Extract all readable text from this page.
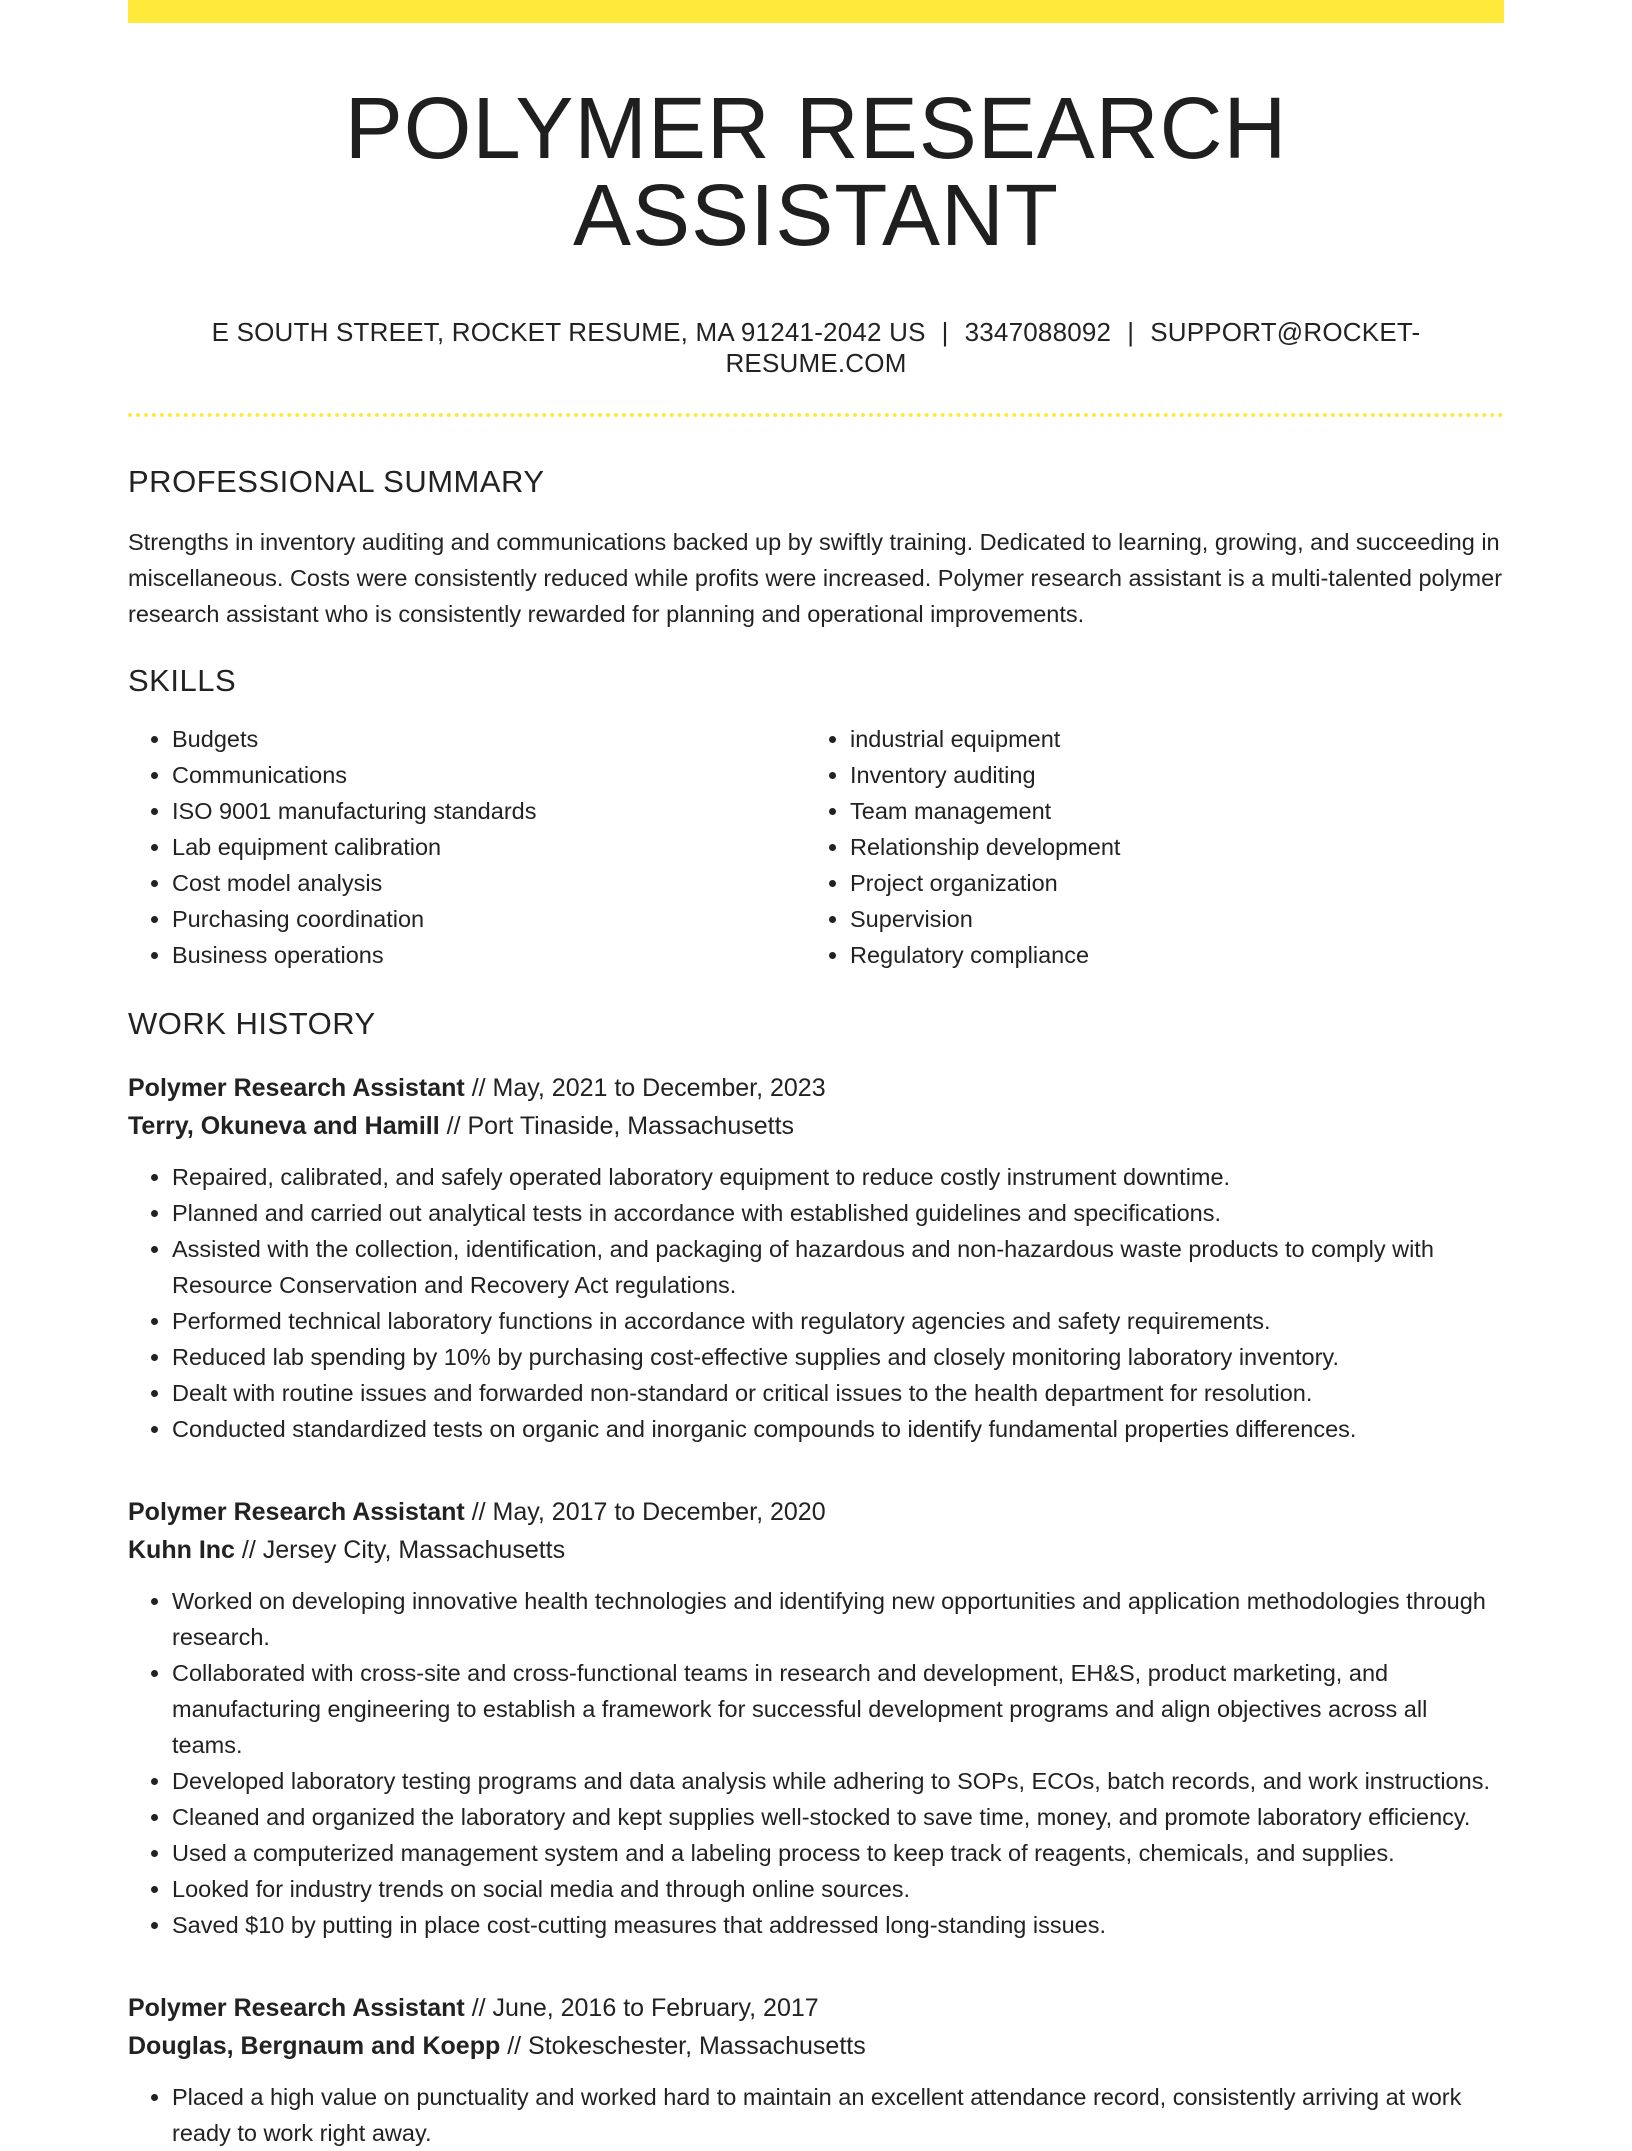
POLYMER RESEARCH ASSISTANT
E SOUTH STREET, ROCKET RESUME, MA 91241-2042 US | 3347088092 | SUPPORT@ROCKET-RESUME.COM
PROFESSIONAL SUMMARY

Strengths in inventory auditing and communications backed up by swiftly training. Dedicated to learning, growing, and succeeding in miscellaneous. Costs were consistently reduced while profits were increased. Polymer research assistant is a multi-talented polymer research assistant who is consistently rewarded for planning and operational improvements.

SKILLS
• Budgets
• Communications
• ISO 9001 manufacturing standards
• Lab equipment calibration
• Cost model analysis
• Purchasing coordination
• Business operations
• industrial equipment
• Inventory auditing
• Team management
• Relationship development
• Project organization
• Supervision
• Regulatory compliance
WORK HISTORY
Polymer Research Assistant // May, 2021 to December, 2023
Terry, Okuneva and Hamill // Port Tinaside, Massachusetts
• Repaired, calibrated, and safely operated laboratory equipment to reduce costly instrument downtime.
• Planned and carried out analytical tests in accordance with established guidelines and specifications.
• Assisted with the collection, identification, and packaging of hazardous and non-hazardous waste products to comply with Resource Conservation and Recovery Act regulations.
• Performed technical laboratory functions in accordance with regulatory agencies and safety requirements.
• Reduced lab spending by 10% by purchasing cost-effective supplies and closely monitoring laboratory inventory.
• Dealt with routine issues and forwarded non-standard or critical issues to the health department for resolution.
• Conducted standardized tests on organic and inorganic compounds to identify fundamental properties differences.
Polymer Research Assistant // May, 2017 to December, 2020
Kuhn Inc // Jersey City, Massachusetts
• Worked on developing innovative health technologies and identifying new opportunities and application methodologies through research.
• Collaborated with cross-site and cross-functional teams in research and development, EH&S, product marketing, and manufacturing engineering to establish a framework for successful development programs and align objectives across all teams.
• Developed laboratory testing programs and data analysis while adhering to SOPs, ECOs, batch records, and work instructions.
• Cleaned and organized the laboratory and kept supplies well-stocked to save time, money, and promote laboratory efficiency.
• Used a computerized management system and a labeling process to keep track of reagents, chemicals, and supplies.
• Looked for industry trends on social media and through online sources.
• Saved $10 by putting in place cost-cutting measures that addressed long-standing issues.
Polymer Research Assistant // June, 2016 to February, 2017
Douglas, Bergnaum and Koepp // Stokeschester, Massachusetts
• Placed a high value on punctuality and worked hard to maintain an excellent attendance record, consistently arriving at work ready to work right away.
